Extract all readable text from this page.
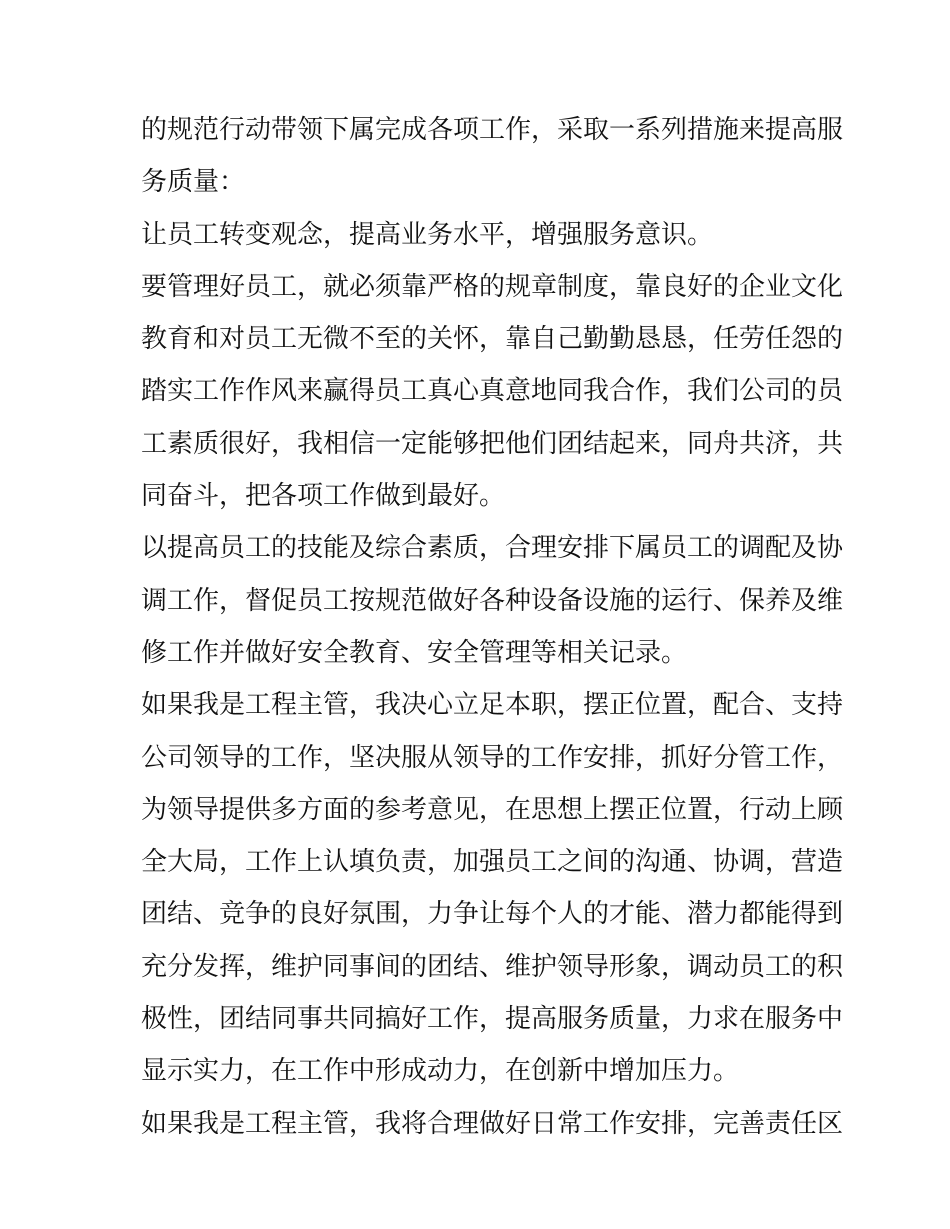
的规范行动带领下属完成各项工作，采取一系列措施来提高服
务质量：
让员工转变观念，提高业务水平，增强服务意识。
要管理好员工，就必须靠严格的规章制度，靠良好的企业文化
教育和对员工无微不至的关怀，靠自己勤勤恳恳，任劳任怨的
踏实工作作风来赢得员工真心真意地同我合作，我们公司的员
工素质很好，我相信一定能够把他们团结起来，同舟共济，共
同奋斗，把各项工作做到最好。
以提高员工的技能及综合素质，合理安排下属员工的调配及协
调工作，督促员工按规范做好各种设备设施的运行、保养及维
修工作并做好安全教育、安全管理等相关记录。
如果我是工程主管，我决心立足本职，摆正位置，配合、支持
公司领导的工作，坚决服从领导的工作安排，抓好分管工作，
为领导提供多方面的参考意见，在思想上摆正位置，行动上顾
全大局，工作上认填负责，加强员工之间的沟通、协调，营造
团结、竞争的良好氛围，力争让每个人的才能、潜力都能得到
充分发挥，维护同事间的团结、维护领导形象，调动员工的积
极性，团结同事共同搞好工作，提高服务质量，力求在服务中
显示实力，在工作中形成动力，在创新中增加压力。
如果我是工程主管，我将合理做好日常工作安排，完善责任区
